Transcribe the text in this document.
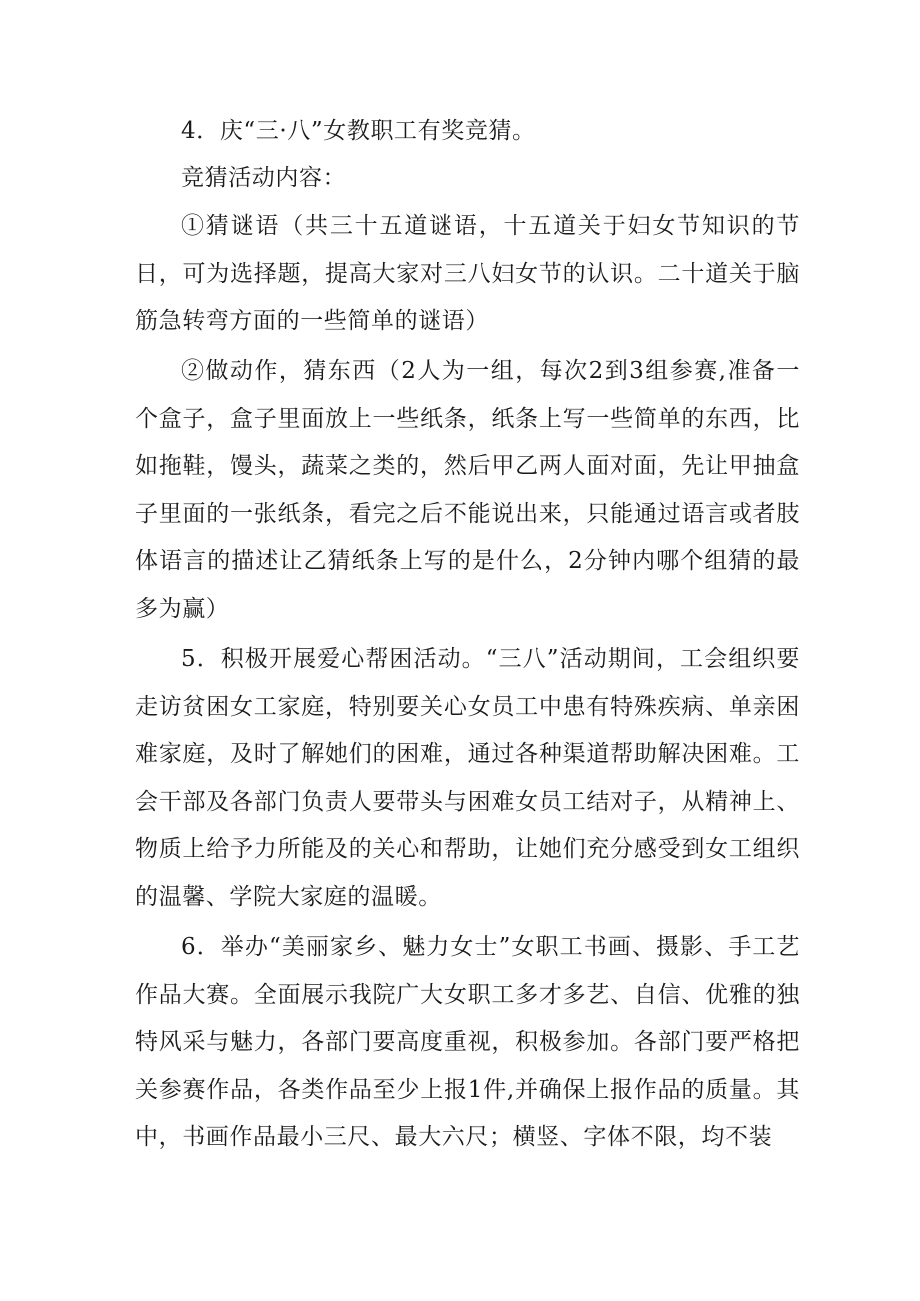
4．庆“三·八”女教职工有奖竞猜。

竞猜活动内容：

①猜谜语（共三十五道谜语，十五道关于妇女节知识的节日，可为选择题，提高大家对三八妇女节的认识。二十道关于脑筋急转弯方面的一些简单的谜语）

②做动作，猜东西（2人为一组，每次2到3组参赛,准备一个盒子，盒子里面放上一些纸条，纸条上写一些简单的东西，比如拖鞋，馒头，蔬菜之类的，然后甲乙两人面对面，先让甲抽盒子里面的一张纸条，看完之后不能说出来，只能通过语言或者肢体语言的描述让乙猜纸条上写的是什么，2分钟内哪个组猜的最多为赢）

5．积极开展爱心帮困活动。“三八”活动期间，工会组织要走访贫困女工家庭，特别要关心女员工中患有特殊疾病、单亲困难家庭，及时了解她们的困难，通过各种渠道帮助解决困难。工会干部及各部门负责人要带头与困难女员工结对子，从精神上、物质上给予力所能及的关心和帮助，让她们充分感受到女工组织的温馨、学院大家庭的温暖。

6．举办“美丽家乡、魅力女士”女职工书画、摄影、手工艺作品大赛。全面展示我院广大女职工多才多艺、自信、优雅的独特风采与魅力，各部门要高度重视，积极参加。各部门要严格把关参赛作品，各类作品至少上报1件,并确保上报作品的质量。其中，书画作品最小三尺、最大六尺；横竖、字体不限，均不装
